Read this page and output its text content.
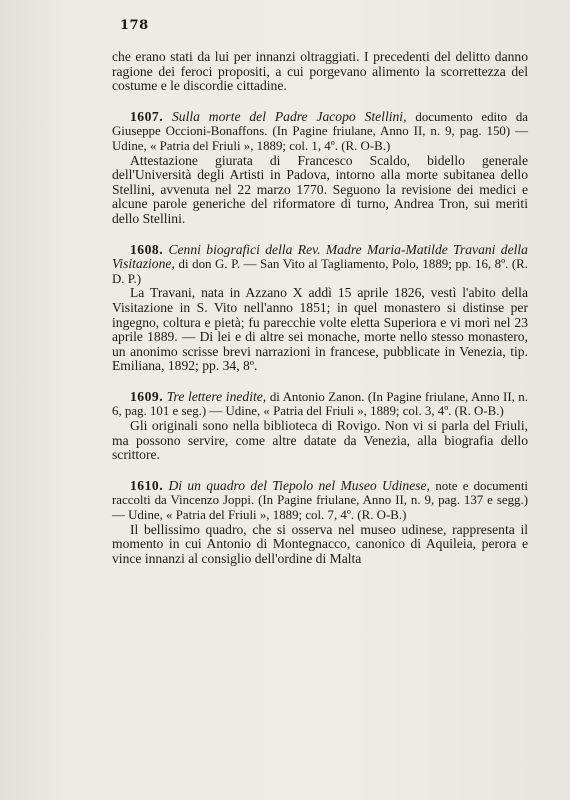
178

che erano stati da lui per innanzi oltraggiati. I precedenti del delitto danno ragione dei feroci propositi, a cui porgevano alimento la scorrettezza del costume e le discordie cittadine.

1607. Sulla morte del Padre Jacopo Stellini, documento edito da Giuseppe Occioni-Bonaffons. (In Pagine friulane, Anno II, n. 9, pag. 150) — Udine, « Patria del Friuli », 1889; col. 1, 4º. (R. O-B.)

Attestazione giurata di Francesco Scaldo, bidello generale dell'Università degli Artisti in Padova, intorno alla morte subitanea dello Stellini, avvenuta nel 22 marzo 1770. Seguono la revisione dei medici e alcune parole generiche del riformatore di turno, Andrea Tron, sui meriti dello Stellini.

1608. Cenni biografici della Rev. Madre Maria-Matilde Travani della Visitazione, di don G. P. — San Vito al Tagliamento, Polo, 1889; pp. 16, 8º. (R. D. P.)

La Travani, nata in Azzano X addì 15 aprile 1826, vestì l'abito della Visitazione in S. Vito nell'anno 1851; in quel monastero si distinse per ingegno, coltura e pietà; fu parecchie volte eletta Superiora e vi morì nel 23 aprile 1889. — Di lei e di altre sei monache, morte nello stesso monastero, un anonimo scrisse brevi narrazioni in francese, pubblicate in Venezia, tip. Emiliana, 1892; pp. 34, 8º.

1609. Tre lettere inedite, di Antonio Zanon. (In Pagine friulane, Anno II, n. 6, pag. 101 e seg.) — Udine, « Patria del Friuli », 1889; col. 3, 4º. (R. O-B.)

Gli originali sono nella biblioteca di Rovigo. Non vi si parla del Friuli, ma possono servire, come altre datate da Venezia, alla biografia dello scrittore.

1610. Di un quadro del Tiepolo nel Museo Udinese, note e documenti raccolti da Vincenzo Joppi. (In Pagine friulane, Anno II, n. 9, pag. 137 e segg.) — Udine, « Patria del Friuli », 1889; col. 7, 4º. (R. O-B.)

Il bellissimo quadro, che si osserva nel museo udinese, rappresenta il momento in cui Antonio di Montegnacco, canonico di Aquileia, perora e vince innanzi al consiglio dell'ordine di Malta
